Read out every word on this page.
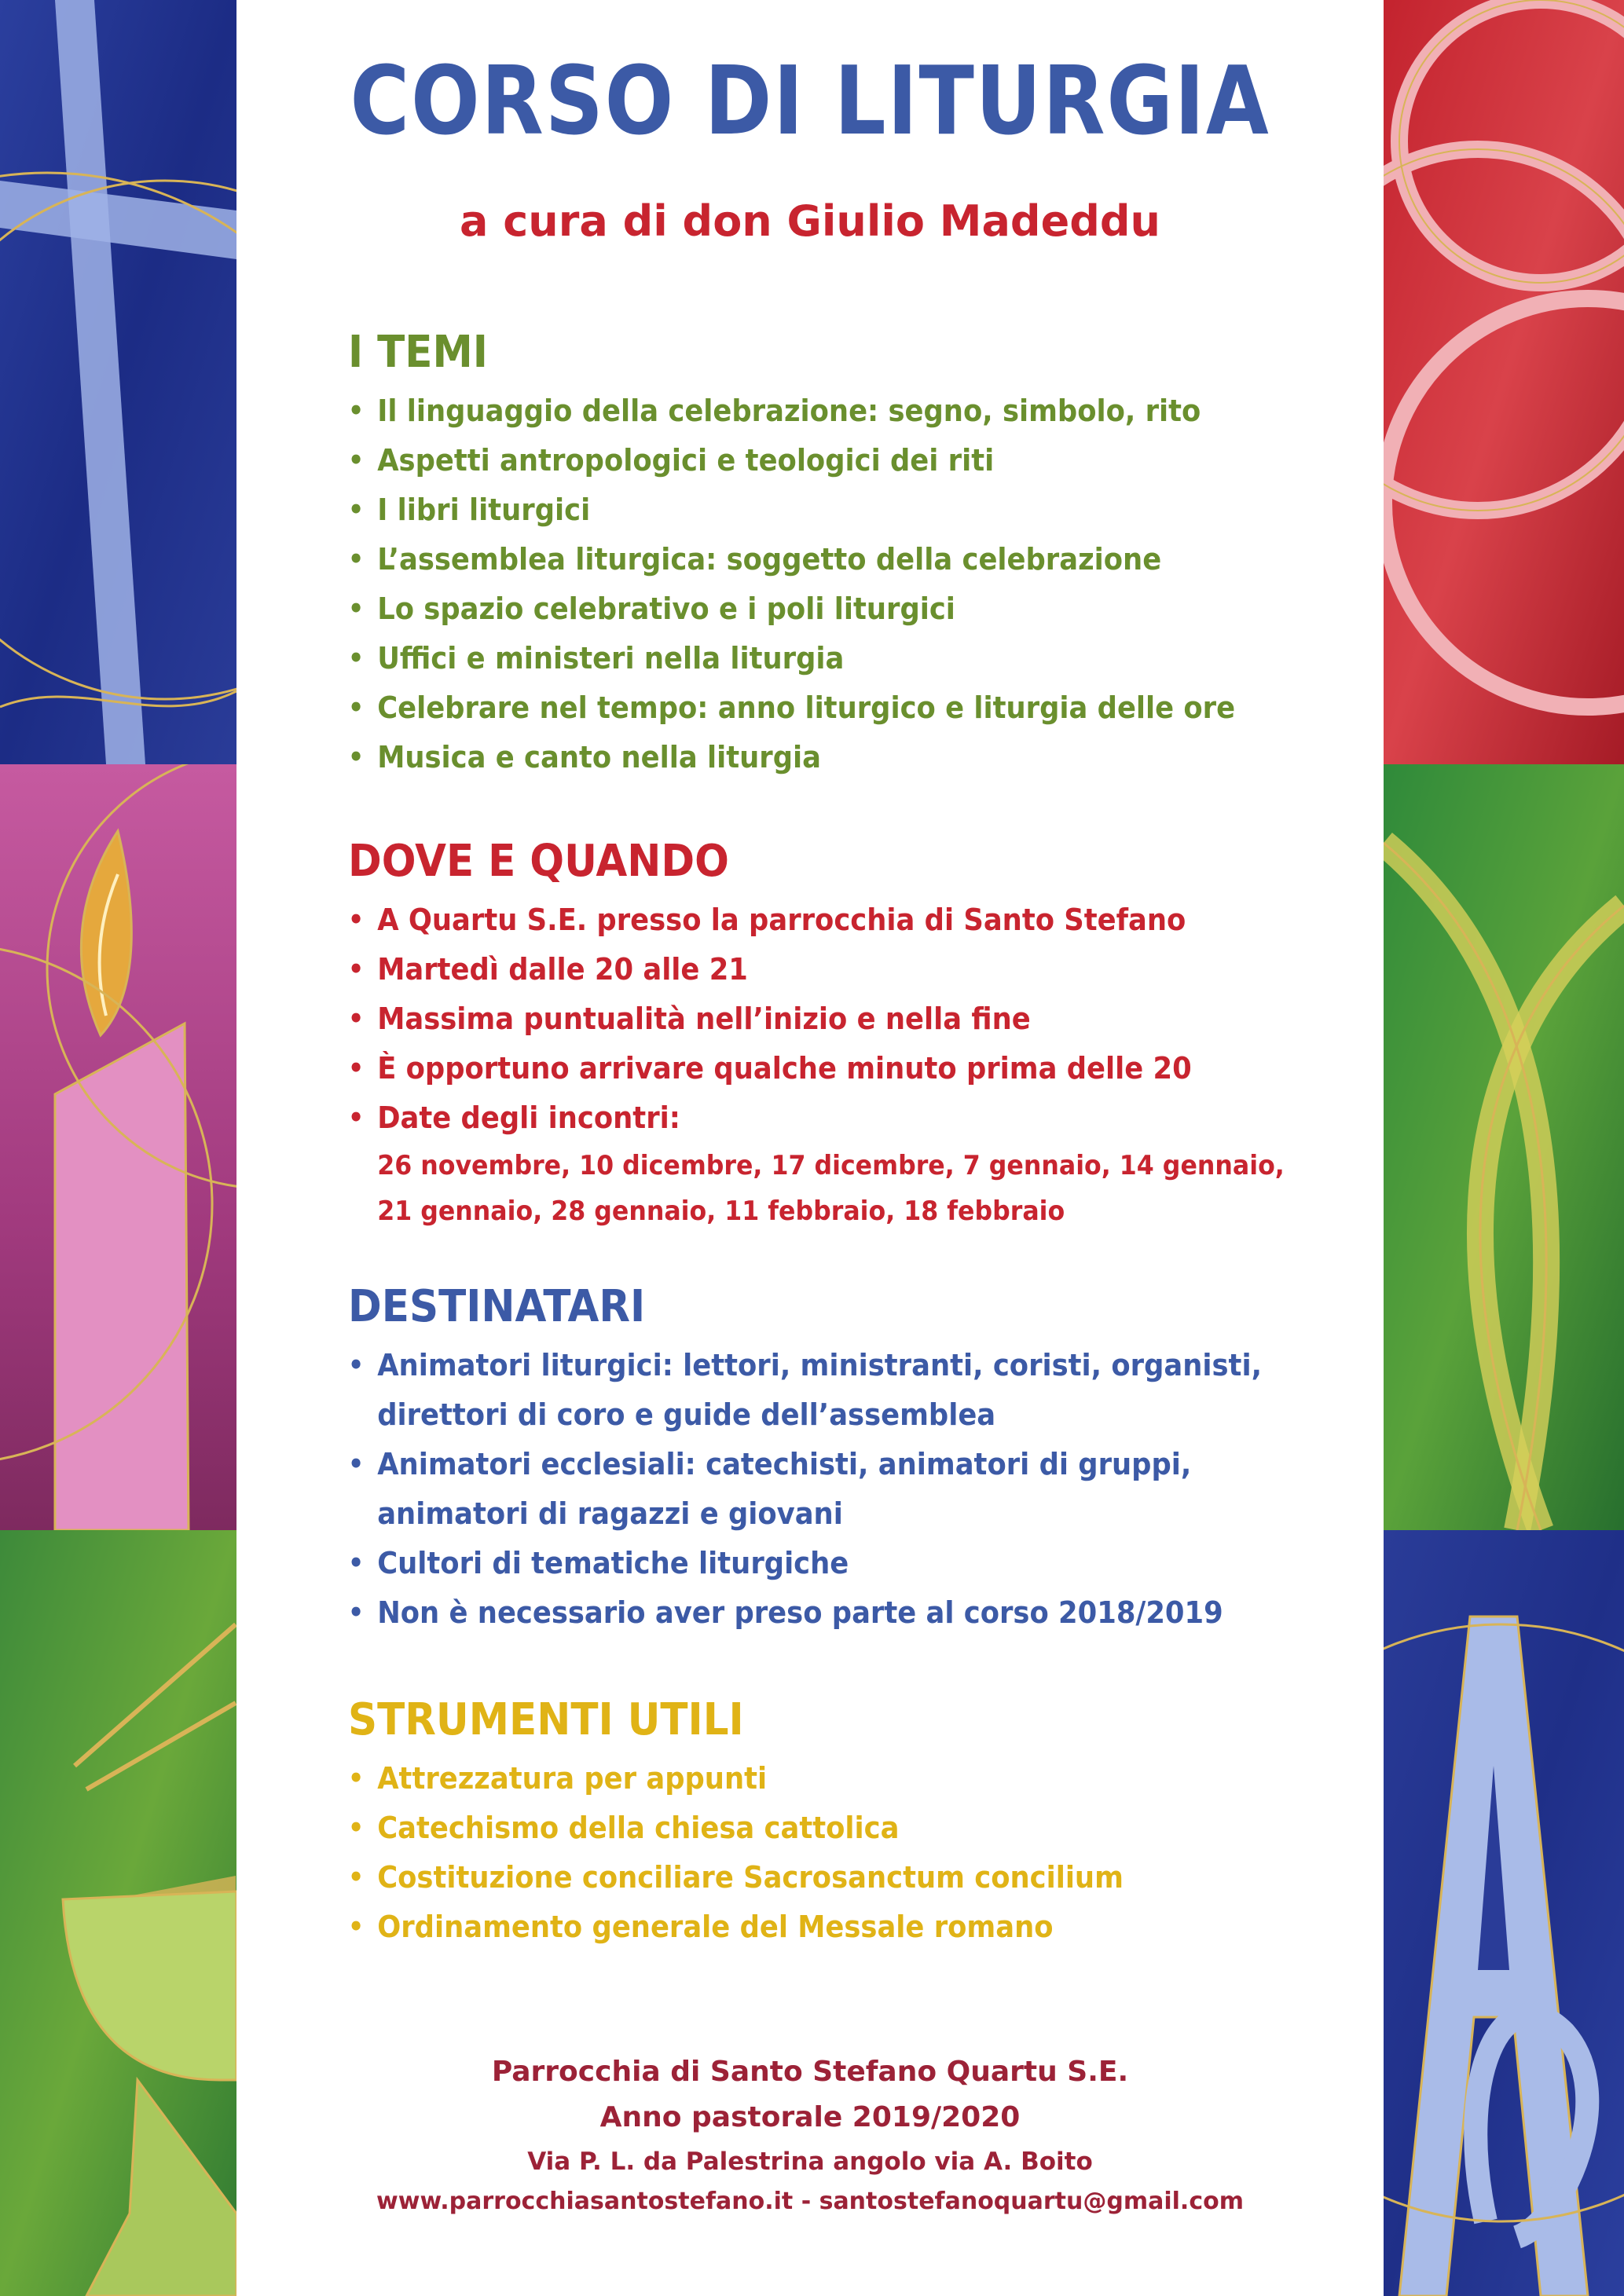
CORSO DI LITURGIA
a cura di don Giulio Madeddu
I TEMI
• Il linguaggio della celebrazione: segno, simbolo, rito
• Aspetti antropologici e teologici dei riti
• I libri liturgici
• L’assemblea liturgica: soggetto della celebrazione
• Lo spazio celebrativo e i poli liturgici
• Uffici e ministeri nella liturgia
• Celebrare nel tempo: anno liturgico e liturgia delle ore
• Musica e canto nella liturgia
DOVE E QUANDO
• A Quartu S.E. presso la parrocchia di Santo Stefano
• Martedì dalle 20 alle 21
• Massima puntualità nell’inizio e nella fine
• È opportuno arrivare qualche minuto prima delle 20
• Date degli incontri:
26 novembre, 10 dicembre, 17 dicembre, 7 gennaio, 14 gennaio,
21 gennaio, 28 gennaio, 11 febbraio, 18 febbraio
DESTINATARI
• Animatori liturgici: lettori, ministranti, coristi, organisti,
direttori di coro e guide dell’assemblea
• Animatori ecclesiali: catechisti, animatori di gruppi,
animatori di ragazzi e giovani
• Cultori di tematiche liturgiche
• Non è necessario aver preso parte al corso 2018/2019
STRUMENTI UTILI
• Attrezzatura per appunti
• Catechismo della chiesa cattolica
• Costituzione conciliare Sacrosanctum concilium
• Ordinamento generale del Messale romano
Parrocchia di Santo Stefano Quartu S.E.
Anno pastorale 2019/2020
Via P. L. da Palestrina angolo via A. Boito
www.parrocchiasantostefano.it - santostefanoquartu@gmail.com
